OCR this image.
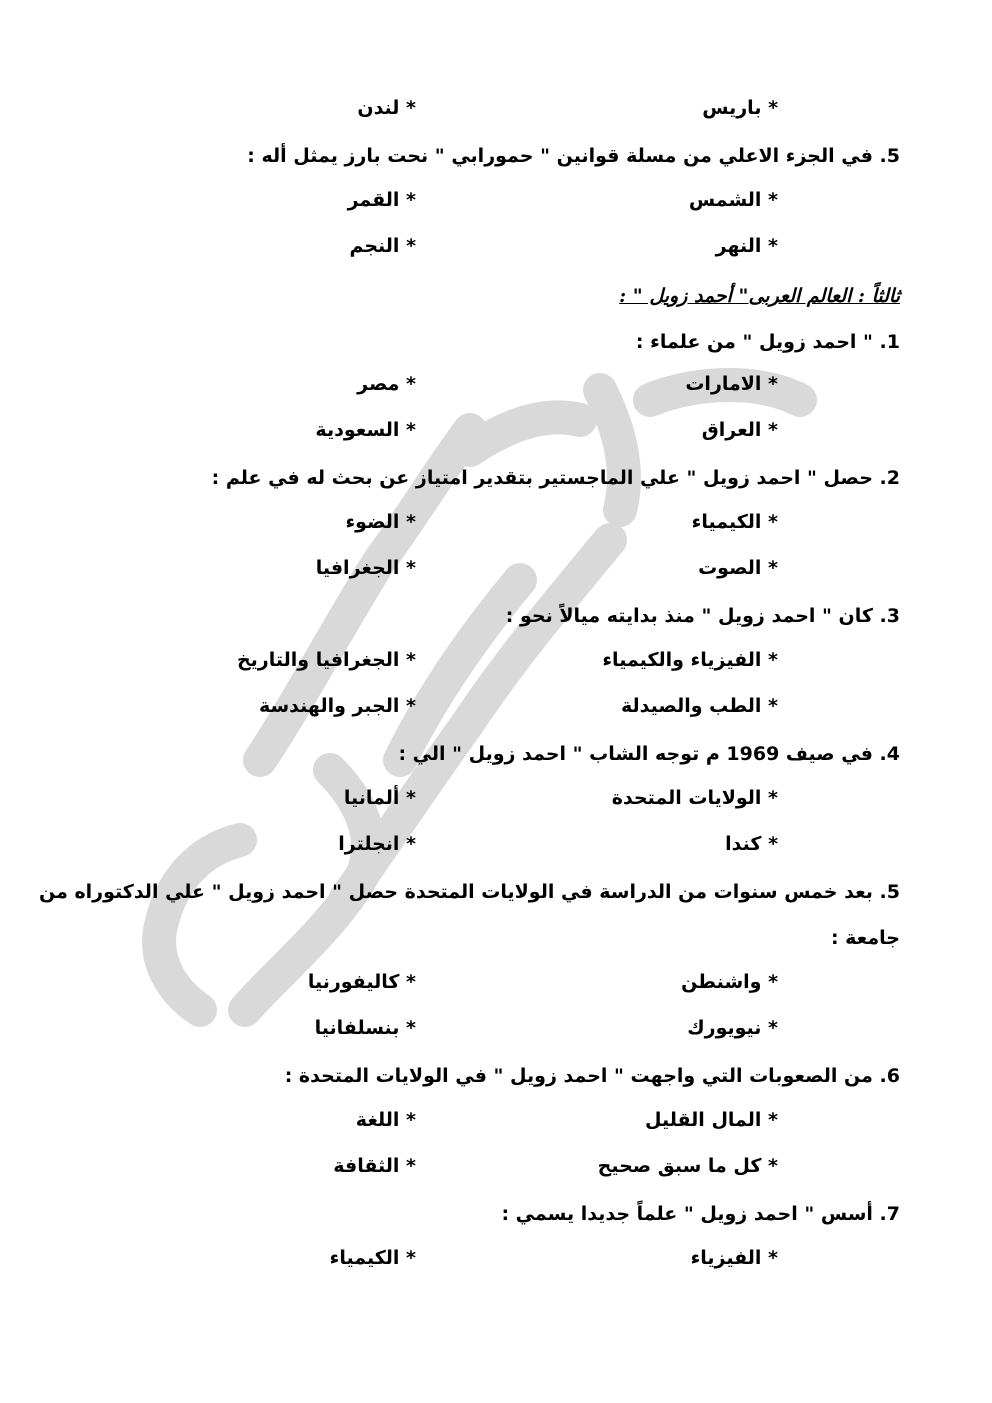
* لندن	* باريس
5. في الجزء الاعلي من مسلة قوانين " حمورابي " نحت بارز يمثل أله :
* القمر	* الشمس
* النجم	* النهر
ثالثاً : العالم العربى" أحمد زويل " :
1. " احمد زويل " من علماء :
* مصر	* الامارات
* السعودية	* العراق
2. حصل " احمد زويل " علي الماجستير بتقدير امتياز عن بحث له في علم :
* الضوء	* الكيمياء
* الجغرافيا	* الصوت
3. كان " احمد زويل " منذ بدايته ميالاً نحو :
* الجغرافيا والتاريخ	* الفيزياء والكيمياء
* الجبر والهندسة	* الطب والصيدلة
4. في صيف 1969 م توجه الشاب " احمد زويل " الي :
* ألمانيا	* الولايات المتحدة
* انجلترا	* كندا
5. بعد خمس سنوات من الدراسة في الولايات المتحدة حصل " احمد زويل " علي الدكتوراه من
جامعة :
* كاليفورنيا	* واشنطن
* بنسلفانيا	* نيويورك
6. من الصعوبات التي واجهت " احمد زويل " في الولايات المتحدة :
* اللغة	* المال القليل
* الثقافة	* كل ما سبق صحيح
7. أسس " احمد زويل " علماً جديدا يسمي :
* الكيمياء	* الفيزياء
